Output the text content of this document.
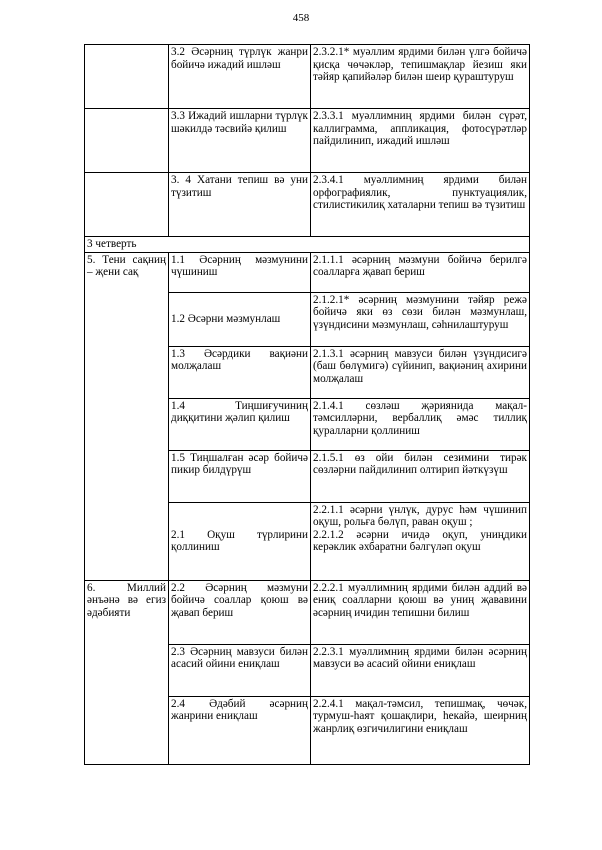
458
	3.2 Әсәрниң түрлүк жанри бойичә ижадий ишләш	2.3.2.1* муәллим ярдими билән үлгә бойичә қисқа чөчәкләр, тепишмақлар йезиш яки тәйяр қапийәләр билән шеир қураштуруш
	3.3 Ижадий ишларни түрлүк шәкилдә тәсвийә қилиш	2.3.3.1 муәллимниң ярдими билән сүрәт, каллиграмма, аппликация, фотосүрәтләр пайдилинип, ижадий ишләш
	3. 4 Хатани тепиш вә уни түзитиш	2.3.4.1 муәллимниң ярдими билән орфографиялик, пунктуациялик, стилистикилиқ хаталарни тепиш вә түзитиш
3 четверть		
5. Тени сақниң – җени сақ	1.1 Әсәрниң мәзмунини чүшиниш	2.1.1.1 әсәрниң мәзмуни бойичә берилгә соалларға җавап бериш
	1.2 Әсәрни мәзмунлаш	2.1.2.1* әсәрниң мәзмунини тәйяр режә бойичә яки өз сөзи билән мәзмунлаш, үзүндисини мәзмунлаш, сәһнилаштуруш
	1.3 Әсәрдики вақиәни молҗалаш	2.1.3.1 әсәрниң мавзуси билән үзүндисигә (баш бөлүмигә) сүйинип, вақиәниң ахирини молҗалаш
	1.4 Тиңшиғучиниң диққитини җәлип қилиш	2.1.4.1 сөзләш җәриянида мақал-тәмсилләрни, вербаллиқ әмәс тиллиқ қуралларни қоллиниш
	1.5 Тиңшалған әсәр бойичә пикир билдүрүш	2.1.5.1 өз ойи билән сезимини тирәк сөзләрни пайдилинип олтирип йәткүзүш
	2.1 Оқуш түрлирини қоллиниш	2.2.1.1 әсәрни үнлүк, дурус һәм чүшинип оқуш, рольға бөлүп, раван оқуш ;
2.2.1.2 әсәрни ичидә оқуп, униңдики керәклик әхбаратни бәлгүләп оқуш

6. Миллий әнъәнә вә егиз әдәбияти	2.2 Әсәрниң мәзмуни бойичә соаллар қоюш вә җавап бериш	2.2.2.1 муәллимниң ярдими билән аддий вә ениқ соалларни қоюш вә униң җававини әсәрниң ичидин тепишни билиш
	2.3 Әсәрниң мавзуси билән асасий ойини ениқлаш	2.2.3.1 муәллимниң ярдими билән әсәрниң мавзуси вә асасий ойини ениқлаш
	2.4 Әдәбий әсәрниң жанрини ениқлаш	2.2.4.1 мақал-тәмсил, тепишмақ, чөчәк, турмуш-һаят қошақлири, һекайә, шеирниң жанрлиқ өзгичилигини ениқлаш
